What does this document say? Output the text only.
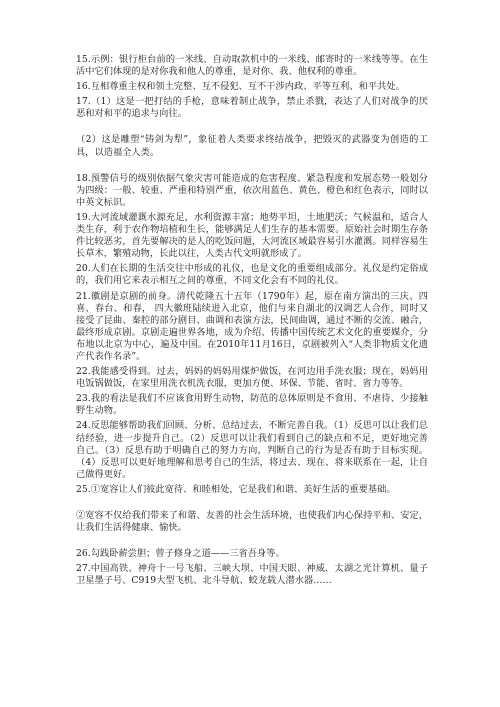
15.示例：银行柜台前的一米线、自动取款机中的一米线、邮寄时的一米线等等。在生活中它们体现的是对你我和他人的尊重，是对你、我、他权利的尊重。

16.互相尊重主权和领土完整、互不侵犯、互不干涉内政、平等互利、和平共处。

17.（1）这是一把打结的手枪，意味着制止战争，禁止杀戮，表达了人们对战争的厌恶和对和平的追求与向往。

（2）这是雕塑“铸剑为犁”，象征着人类要求终结战争，把毁灭的武器变为创造的工具，以造福全人类。

18.预警信号的级别依据气象灾害可能造成的危害程度、紧急程度和发展态势一般划分为四级：一般、较重、严重和特别严重，依次用蓝色、黄色、橙色和红色表示，同时以中英文标识。

19.大河流域灌溉水源充足，水利资源丰富；地势平坦，土地肥沃；气候温和，适合人类生存，利于农作物培植和生长，能够满足人们生存的基本需要。原始社会时期生存条件比较恶劣，首先要解决的是人的吃饭问题，大河流区域最容易引水灌溉。同样容易生长草木，繁殖动物，长此以往，人类古代文明就形成了。

20.人们在长期的生活交往中形成的礼仪，也是文化的重要组成部分。礼仪是约定俗成的，我们用它来表示相互之间的尊重，不同文化会有不同的礼仪。

21.徽剧是京剧的前身。清代乾隆五十五年（1790年）起，原在南方演出的三庆、四喜、春台、和春， 四大徽班陆续进入北京，他们与来自湖北的汉调艺人合作，同时又接受了昆曲、秦腔的部分剧目、曲调和表演方法，民间曲调，通过不断的交流、融合，最终形成京剧。京剧走遍世界各地，成为介绍、传播中国传统艺术文化的重要媒介，分布地以北京为中心，遍及中国。在2010年11月16日，京剧被列入“人类非物质文化遗产代表作名录”。

22.我能感受得到。过去，妈妈的妈妈用煤炉做饭，在河边用手洗衣服；现在，妈妈用电饭锅做饭，在家里用洗衣机洗衣服，更加方便、环保、节能、省时、省力等等。

23.我的看法是我们不应该食用野生动物，防范的总体原则是不食用、不虐待、少接触野生动物。

24.反思能够帮助我们回顾、分析、总结过去，不断完善自我。（1）反思可以让我们总结经验，进一步提升自己。（2）反思可以让我们看到自己的缺点和不足，更好地完善自己。（3）反思有助于明确自己的努力方向，判断自己的行为是否有助于目标实现。（4）反思可以更好地理解和思考自己的生活，将过去、现在、将来联系在一起，让自己做得更好。

25.①宽容让人们彼此宽待、和睦相处，它是我们和谐、美好生活的重要基础。

②宽容不仅给我们带来了和谐、友善的社会生活环境，也使我们内心保持平和、安定，让我们生活得健康、愉快。

26.勾践卧薪尝胆；曾子修身之道——三省吾身等。

27.中国高铁、神舟十一号飞船、三峡大坝、中国天眼、神威．太湖之光计算机、量子卫星墨子号、C919大型飞机、北斗导航、蛟龙载人潜水器……
